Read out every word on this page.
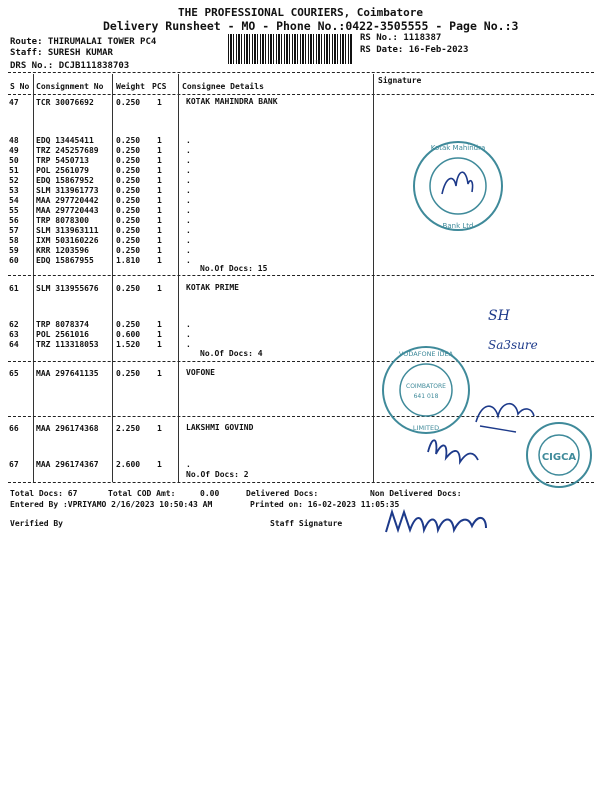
THE PROFESSIONAL COURIERS, Coimbatore
Delivery Runsheet - MO - Phone No.:0422-3505555 - Page No.:3
Route: THIRUMALAI TOWER PC4
Staff: SURESH KUMAR
DRS No.: DCJB111838703
RS No.: 1118387
RS Date: 16-Feb-2023
S No Consignment No Weight PCS Consignee Details
Signature
KOTAK MAHINDRA BANK
47 TCR 30076692	0.250 1
48 EDQ 13445411	0.250 1	.
49 TRZ 245257689 0.250 1	.
50 TRP 5450713	0.250 1	.
51 POL 2561079	0.250 1	.
52 EDQ 15867952	0.250 1	.
53 SLM 313961773 0.250 1	.
54 MAA 297720442 0.250 1	.
55 MAA 297720443 0.250 1	.
56 TRP 8078300	0.250 1	.
57 SLM 313963111 0.250 1	.
58 IXM 503160226 0.250 1	.
59 KRR 1203596	0.250 1	.
60 EDQ 15867955	1.810 1	.
No.Of Docs: 15
KOTAK PRIME
61 SLM 313955676 0.250 1
62 TRP 8078374	0.250 1	.
63 POL 2561016	0.600 1	.
64 TRZ 113318053 1.520 1	.
No.Of Docs: 4
VOFONE
65 MAA 297641135 0.250 1
LAKSHMI GOVIND
66 MAA 296174368 2.250 1
67 MAA 296174367 2.600 1	.
No.Of Docs: 2
Total Docs: 67	Total COD Amt:	0.00	Delivered Docs:	Non Delivered Docs:
Entered By :VPRIYAMO 2/16/2023 10:50:43 AM	Printed on: 16-02-2023 11:05:35
Verified By	Staff Signature
Kotak Mahindra
Bank Ltd
VODAFONE IDEA
LIMITED
COIMBATORE
641 018
CIGCA
SH
Sa3sure
